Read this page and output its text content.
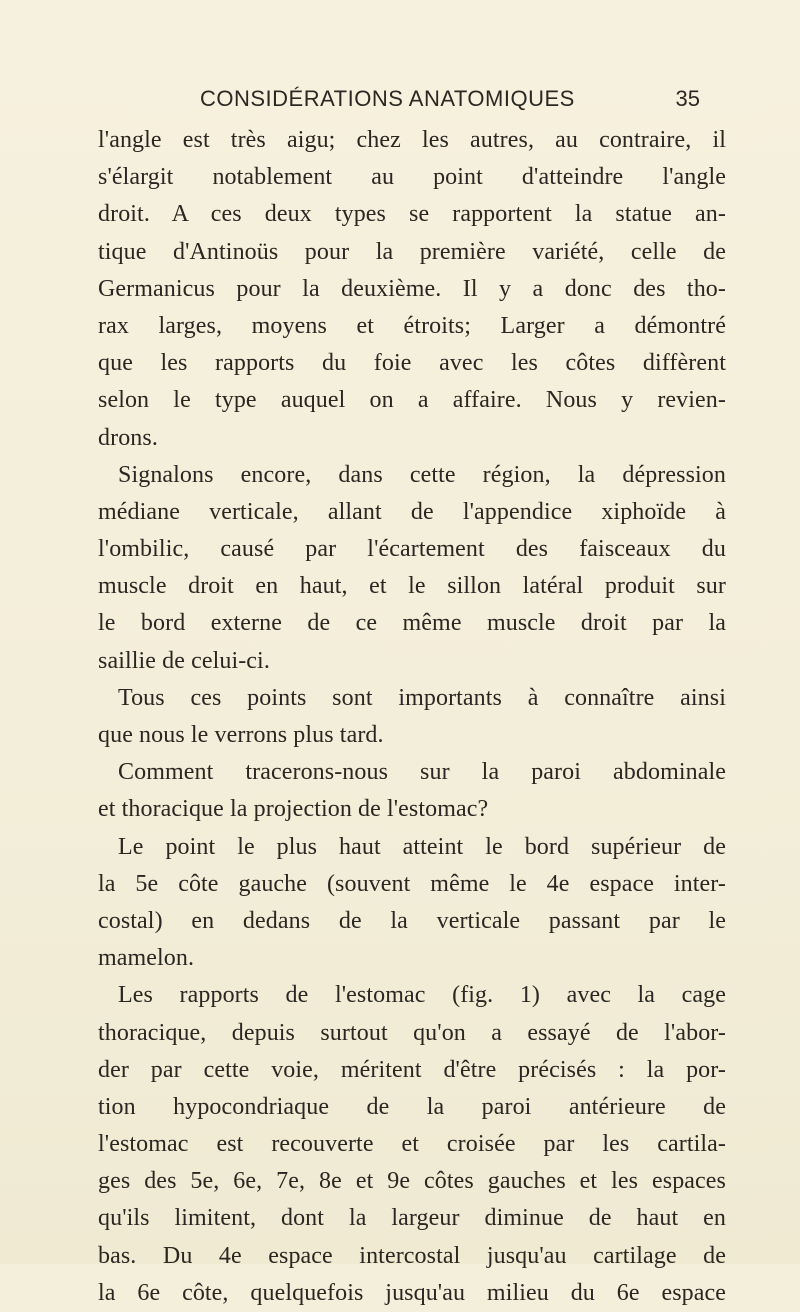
CONSIDÉRATIONS ANATOMIQUES	35
l'angle est très aigu; chez les autres, au contraire, il
s'élargit notablement au point d'atteindre l'angle
droit. A ces deux types se rapportent la statue an-
tique d'Antinoüs pour la première variété, celle de
Germanicus pour la deuxième. Il y a donc des tho-
rax larges, moyens et étroits; Larger a démontré
que les rapports du foie avec les côtes diffèrent
selon le type auquel on a affaire. Nous y revien-
drons.
Signalons encore, dans cette région, la dépression
médiane verticale, allant de l'appendice xiphoïde à
l'ombilic, causé par l'écartement des faisceaux du
muscle droit en haut, et le sillon latéral produit sur
le bord externe de ce même muscle droit par la
saillie de celui-ci.
Tous ces points sont importants à connaître ainsi
que nous le verrons plus tard.
Comment tracerons-nous sur la paroi abdominale
et thoracique la projection de l'estomac?
Le point le plus haut atteint le bord supérieur de
la 5e côte gauche (souvent même le 4e espace inter-
costal) en dedans de la verticale passant par le
mamelon.
Les rapports de l'estomac (fig. 1) avec la cage
thoracique, depuis surtout qu'on a essayé de l'abor-
der par cette voie, méritent d'être précisés : la por-
tion hypocondriaque de la paroi antérieure de
l'estomac est recouverte et croisée par les cartila-
ges des 5e, 6e, 7e, 8e et 9e côtes gauches et les espaces
qu'ils limitent, dont la largeur diminue de haut en
bas. Du 4e espace intercostal jusqu'au cartilage de
la 6e côte, quelquefois jusqu'au milieu du 6e espace
